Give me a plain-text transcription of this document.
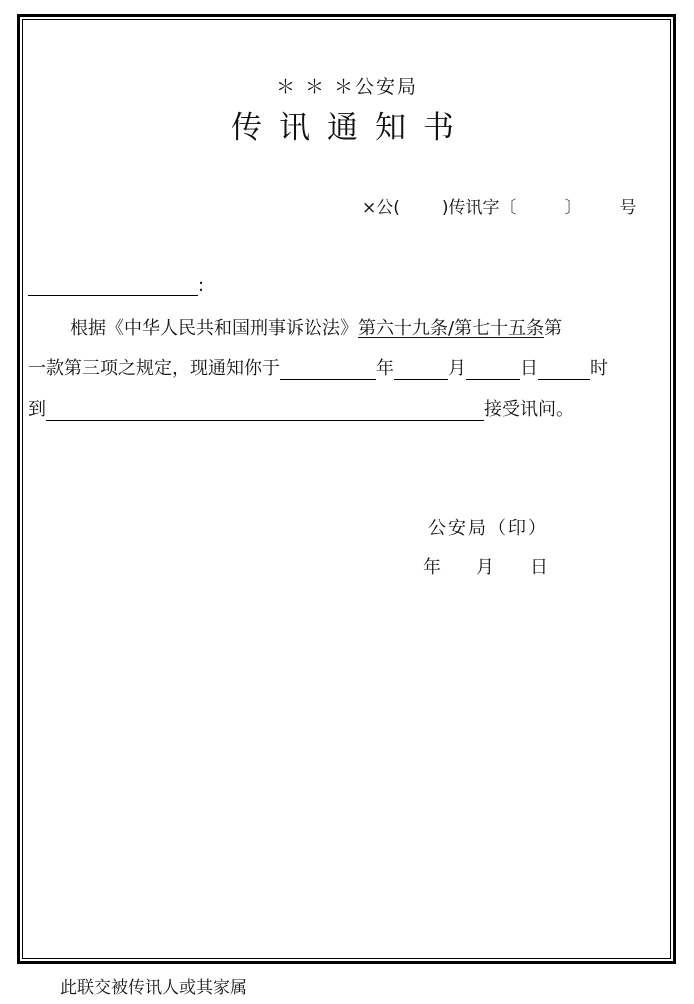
＊ ＊ ＊公安局
传讯通知书
×公( )传讯字〔	〕 号
:
根据《中华人民共和国刑事诉讼法》第六十九条/第七十五条第
一款第三项之规定，现通知你于	年	月	日	时
到	接受讯问。
公安局（印）
年 月 日
此联交被传讯人或其家属
